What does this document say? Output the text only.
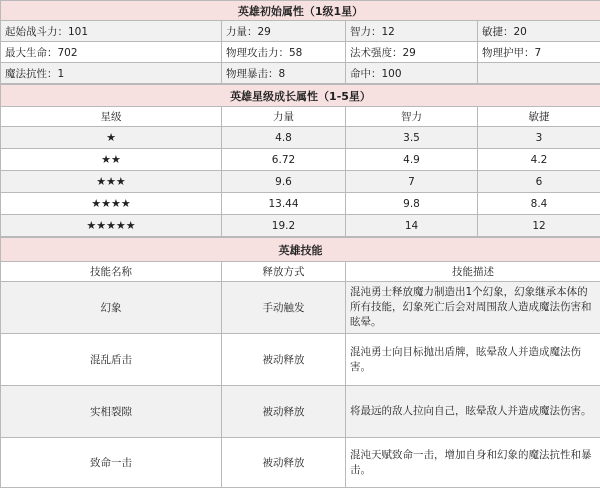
英雄初始属性（1级1星）			
起始战斗力：101	力量：29	智力：12	敏捷：20
最大生命：702	物理攻击力：58	法术强度：29	物理护甲：7
魔法抗性：1	物理暴击：8	命中：100	
英雄星级成长属性（1-5星）			
星级	力量	智力	敏捷
★	4.8	3.5	3
★★	6.72	4.9	4.2
★★★	9.6	7	6
★★★★	13.44	9.8	8.4
★★★★★	19.2	14	12
英雄技能		
技能名称	释放方式	技能描述
幻象	手动触发	混沌勇士释放魔力制造出1个幻象，幻象继承本体的所有技能，幻象死亡后会对周围敌人造成魔法伤害和眩晕。
混乱盾击	被动释放	混沌勇士向目标抛出盾牌，眩晕敌人并造成魔法伤害。
实相裂隙	被动释放	将最远的敌人拉向自己，眩晕敌人并造成魔法伤害。
致命一击	被动释放	混沌天赋致命一击，增加自身和幻象的魔法抗性和暴击。
